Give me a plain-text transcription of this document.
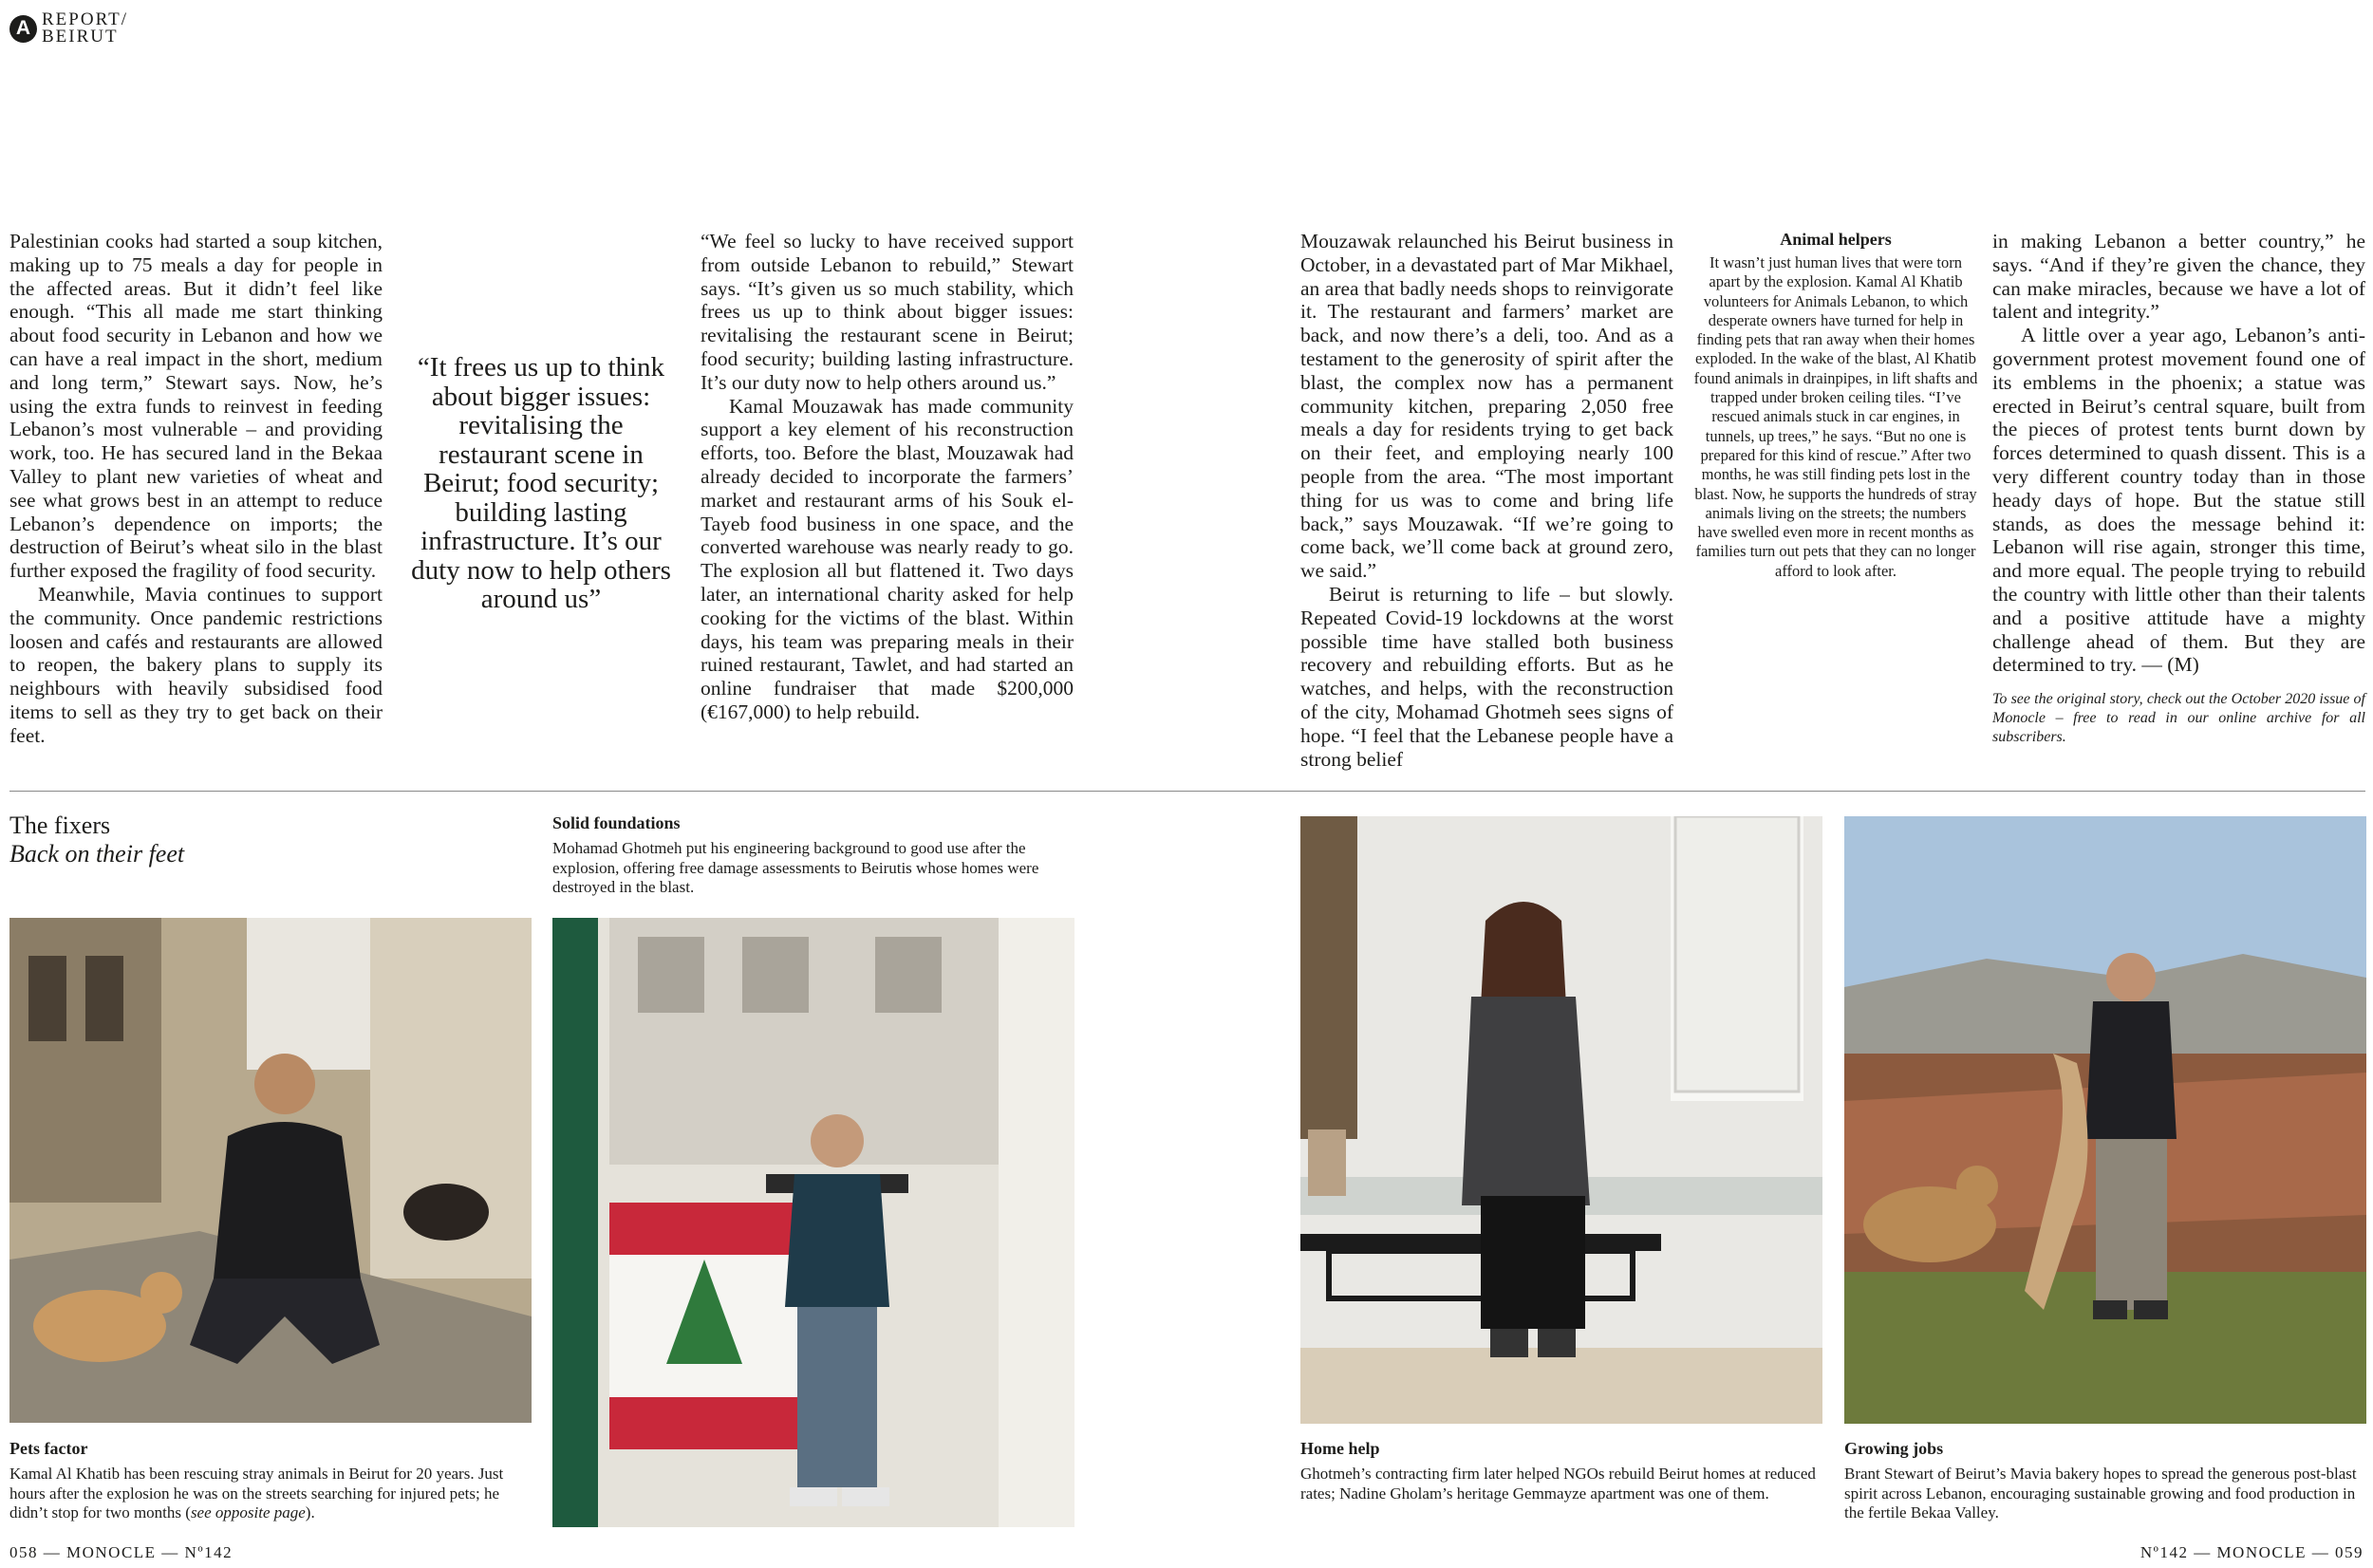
A REPORT/
BEIRUT

Palestinian cooks had started a soup kitchen, making up to 75 meals a day for people in the affected areas. But it didn’t feel like enough. “This all made me start thinking about food security in Lebanon and how we can have a real impact in the short, medium and long term,” Stewart says. Now, he’s using the extra funds to reinvest in feeding Lebanon’s most vulnerable – and providing work, too. He has secured land in the Bekaa Valley to plant new varieties of wheat and see what grows best in an attempt to reduce Lebanon’s dependence on imports; the destruction of Beirut’s wheat silo in the blast further exposed the fragility of food security.

Meanwhile, Mavia continues to support the community. Once pandemic restrictions loosen and cafés and restaurants are allowed to reopen, the bakery plans to supply its neighbours with heavily subsidised food items to sell as they try to get back on their feet.

“It frees us up to think about bigger issues: revitalising the restaurant scene in Beirut; food security; building lasting infrastructure. It’s our duty now to help others around us”

“We feel so lucky to have received support from outside Lebanon to rebuild,” Stewart says. “It’s given us so much stability, which frees us up to think about bigger issues: revitalising the restaurant scene in Beirut; food security; building lasting infrastructure. It’s our duty now to help others around us.”

Kamal Mouzawak has made community support a key element of his reconstruction efforts, too. Before the blast, Mouzawak had already decided to incorporate the farmers’ market and restaurant arms of his Souk el-Tayeb food business in one space, and the converted warehouse was nearly ready to go. The explosion all but flattened it. Two days later, an international charity asked for help cooking for the victims of the blast. Within days, his team was preparing meals in their ruined restaurant, Tawlet, and had started an online fundraiser that made $200,000 (€167,000) to help rebuild.

Mouzawak relaunched his Beirut business in October, in a devastated part of Mar Mikhael, an area that badly needs shops to reinvigorate it. The restaurant and farmers’ market are back, and now there’s a deli, too. And as a testament to the generosity of spirit after the blast, the complex now has a permanent community kitchen, preparing 2,050 free meals a day for residents trying to get back on their feet, and employing nearly 100 people from the area. “The most important thing for us was to come and bring life back,” says Mouzawak. “If we’re going to come back, we’ll come back at ground zero, we said.”

Beirut is returning to life – but slowly. Repeated Covid-19 lockdowns at the worst possible time have stalled both business recovery and rebuilding efforts. But as he watches, and helps, with the reconstruction of the city, Mohamad Ghotmeh sees signs of hope. “I feel that the Lebanese people have a strong belief

Animal helpers
It wasn’t just human lives that were torn apart by the explosion. Kamal Al Khatib volunteers for Animals Lebanon, to which desperate owners have turned for help in finding pets that ran away when their homes exploded. In the wake of the blast, Al Khatib found animals in drainpipes, in lift shafts and trapped under broken ceiling tiles. “I’ve rescued animals stuck in car engines, in tunnels, up trees,” he says. “But no one is prepared for this kind of rescue.” After two months, he was still finding pets lost in the blast. Now, he supports the hundreds of stray animals living on the streets; the numbers have swelled even more in recent months as families turn out pets that they can no longer afford to look after.

in making Lebanon a better country,” he says. “And if they’re given the chance, they can make miracles, because we have a lot of talent and integrity.”

A little over a year ago, Lebanon’s anti-government protest movement found one of its emblems in the phoenix; a statue was erected in Beirut’s central square, built from the pieces of protest tents burnt down by forces determined to quash dissent. This is a very different country today than in those heady days of hope. But the statue still stands, as does the message behind it: Lebanon will rise again, stronger this time, and more equal. The people trying to rebuild the country with little other than their talents and a positive attitude have a mighty challenge ahead of them. But they are determined to try. — (M)

To see the original story, check out the October 2020 issue of Monocle – free to read in our online archive for all subscribers.
The fixers
Back on their feet
Solid foundations
Mohamad Ghotmeh put his engineering background to good use after the explosion, offering free damage assessments to Beirutis whose homes were destroyed in the blast.
Pets factor
Kamal Al Khatib has been rescuing stray animals in Beirut for 20 years. Just hours after the explosion he was on the streets searching for injured pets; he didn’t stop for two months (see opposite page).
Home help
Ghotmeh’s contracting firm later helped NGOs rebuild Beirut homes at reduced rates; Nadine Gholam’s heritage Gemmayze apartment was one of them.
Growing jobs
Brant Stewart of Beirut’s Mavia bakery hopes to spread the generous post-blast spirit across Lebanon, encouraging sustainable growing and food production in the fertile Bekaa Valley.
058 — MONOCLE — Nº142	Nº142 — MONOCLE — 059
